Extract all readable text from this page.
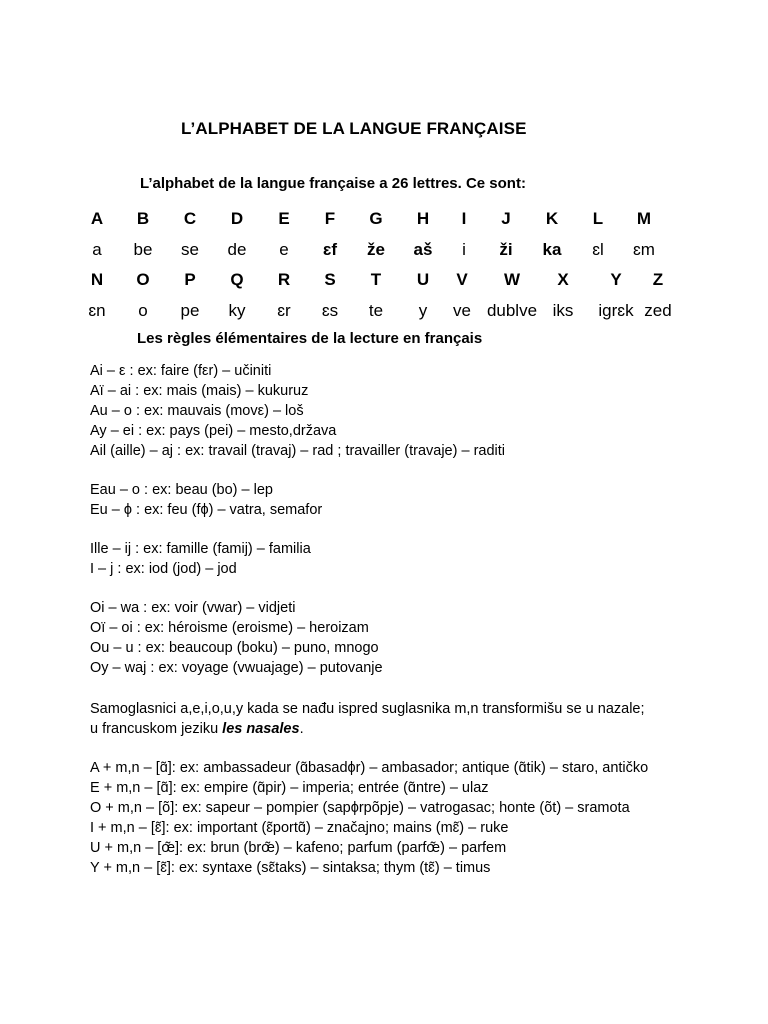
L’ALPHABET DE LA LANGUE FRANÇAISE
L’alphabet de la langue française a 26 lettres. Ce sont:
A B C D E F G H I J K L M
a be se de e ɛf že aš i ži ka ɛl ɛm
N O P Q R S T U V W X Y Z
ɛn o pe ky ɛr ɛs te y ve dublve iks igrɛk zed
Les règles élémentaires de la lecture en français
Ai – ε : ex: faire (fεr) – učiniti
Aï – ai : ex: mais (mais) – kukuruz
Au – o : ex: mauvais (movε) – loš
Ay – ei : ex: pays (pei) – mesto,država
Ail (aille) – aj : ex: travail (travaj) – rad ; travailler (travaje) – raditi
Eau – o : ex: beau (bo) – lep
Eu – ϕ : ex: feu (fϕ) – vatra, semafor
Ille – ij : ex: famille (famij) – familia
I – j : ex: iod (jod) – jod
Oi – wa : ex: voir (vwar) – vidjeti
Oï – oi : ex: héroisme (eroisme) – heroizam
Ou – u : ex: beaucoup (boku) – puno, mnogo
Oy – waj : ex: voyage (vwuajage) – putovanje
Samoglasnici a,e,i,o,u,y kada se nađu ispred suglasnika m,n transformišu se u nazale;
u francuskom jeziku les nasales.
A + m,n – [ɑ̃]: ex: ambassadeur (ɑ̃basadϕr) – ambasador; antique (ɑ̃tik) – staro, antičko
E + m,n – [ɑ̃]: ex: empire (ɑ̃pir) – imperia; entrée (ɑ̃ntre) – ulaz
O + m,n – [õ]: ex: sapeur – pompier (sapϕrpõpje) – vatrogasac; honte (õt) – sramota
I + m,n – [ɛ̃]: ex: important (ɛ̃portɑ̃) – značajno; mains (mɛ̃) – ruke
U + m,n – [œ̃]: ex: brun (brœ̃) – kafeno; parfum (parfœ̃) – parfem
Y + m,n – [ɛ̃]: ex: syntaxe (sɛ̃taks) – sintaksa; thym (tɛ̃) – timus
